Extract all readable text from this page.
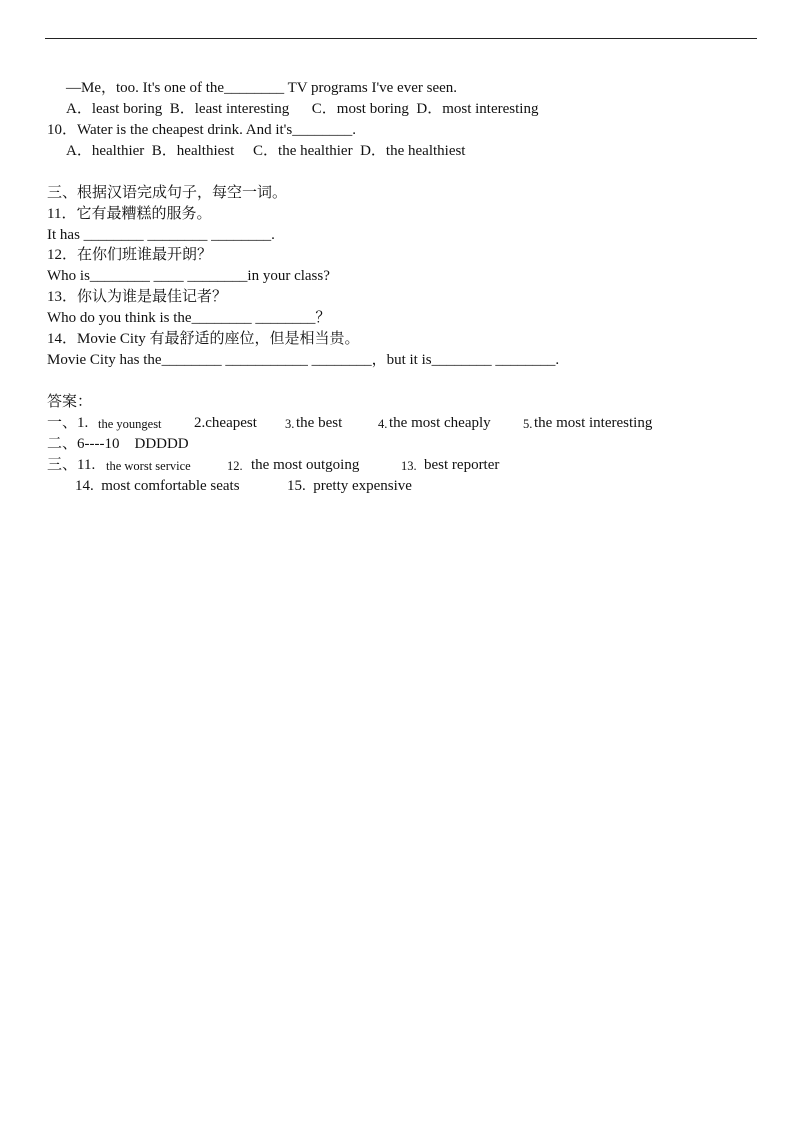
—Me，too. It's one of the________ TV programs I've ever seen.
A．least boring  B．least interesting      C．most boring  D．most interesting
10．Water is the cheapest drink. And it's________.
A．healthier  B．healthiest     C．the healthier  D．the healthiest
三、根据汉语完成句子，每空一词。
11．它有最糟糕的服务。
It has ________ ________ ________.
12．在你们班谁最开朗？
Who is________ ____ ________in your class?
13．你认为谁是最佳记者？
Who do you think is the________ ________？
14．Movie City 有最舒适的座位，但是相当贵。
Movie City has the________ ___________ ________，but it is________ ________.
答案：
一、1. the youngest 2.cheapest 3. the best	4. the most cheaply	5. the most interesting
二、6----10    DDDDD
三、11. the worst service	12. the most outgoing	13. best reporter
14.  most comfortable seats	15.  pretty expensive
